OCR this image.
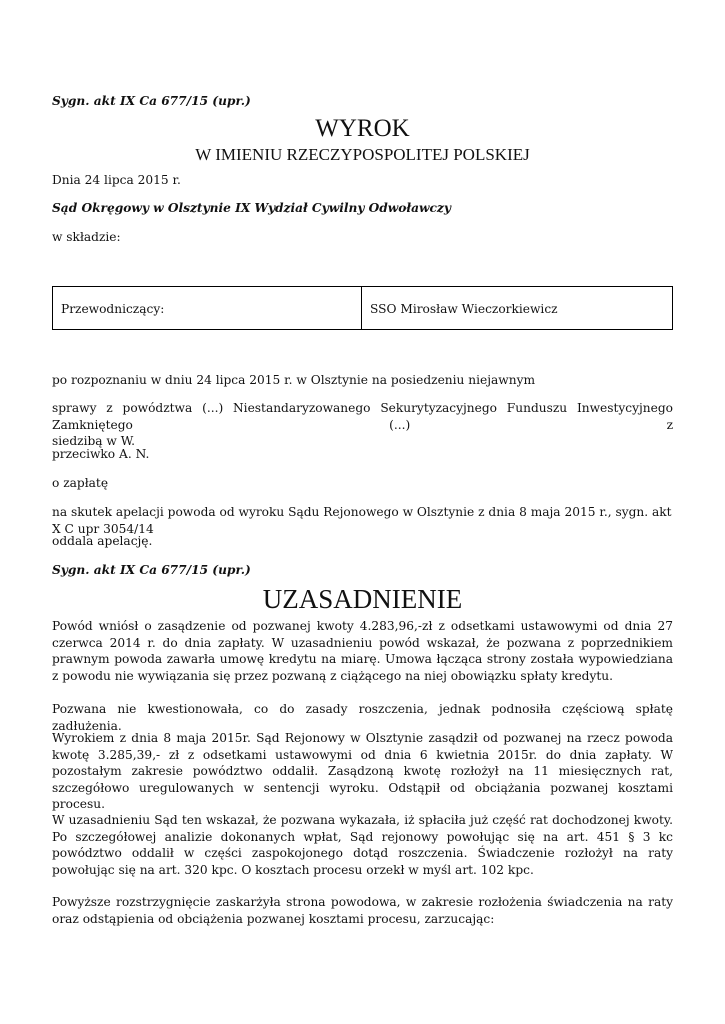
Sygn. akt IX Ca 677/15 (upr.)

WYROK

W IMIENIU RZECZYPOSPOLITEJ POLSKIEJ

Dnia 24 lipca 2015 r.

Sąd Okręgowy w Olsztynie IX Wydział Cywilny Odwoławczy

w składzie:

Przewodniczący:	SSO Mirosław Wieczorkiewicz

po rozpoznaniu w dniu 24 lipca 2015 r. w Olsztynie na posiedzeniu niejawnym

sprawy z powództwa (...) Niestandaryzowanego Sekurytyzacyjnego Funduszu Inwestycyjnego Zamkniętego (...) z
siedzibą w W.

przeciwko A. N.

o zapłatę

na skutek apelacji powoda od wyroku Sądu Rejonowego w Olsztynie z dnia 8 maja 2015 r., sygn. akt X C upr 3054/14

oddala apelację.

Sygn. akt IX Ca 677/15 (upr.)

UZASADNIENIE

Powód wniósł o zasądzenie od pozwanej kwoty 4.283,96,-zł z odsetkami ustawowymi od dnia 27 czerwca 2014 r. do dnia zapłaty. W uzasadnieniu powód wskazał, że pozwana z poprzednikiem prawnym powoda zawarła umowę kredytu na miarę. Umowa łącząca strony została wypowiedziana z powodu nie wywiązania się przez pozwaną z ciążącego na niej obowiązku spłaty kredytu.

Pozwana nie kwestionowała, co do zasady roszczenia, jednak podnosiła częściową spłatę zadłużenia.

Wyrokiem z dnia 8 maja 2015r. Sąd Rejonowy w Olsztynie zasądził od pozwanej na rzecz powoda kwotę 3.285,39,- zł z odsetkami ustawowymi od dnia 6 kwietnia 2015r. do dnia zapłaty. W pozostałym zakresie powództwo oddalił. Zasądzoną kwotę rozłożył na 11 miesięcznych rat, szczegółowo uregulowanych w sentencji wyroku. Odstąpił od obciążania pozwanej kosztami procesu.

W uzasadnieniu Sąd ten wskazał, że pozwana wykazała, iż spłaciła już część rat dochodzonej kwoty. Po szczegółowej analizie dokonanych wpłat, Sąd rejonowy powołując się na art. 451 § 3 kc powództwo oddalił w części zaspokojonego dotąd roszczenia. Świadczenie rozłożył na raty powołując się na art. 320 kpc. O kosztach procesu orzekł w myśl art. 102 kpc.

Powyższe rozstrzygnięcie zaskarżyła strona powodowa, w zakresie rozłożenia świadczenia na raty oraz odstąpienia od obciążenia pozwanej kosztami procesu, zarzucając:
